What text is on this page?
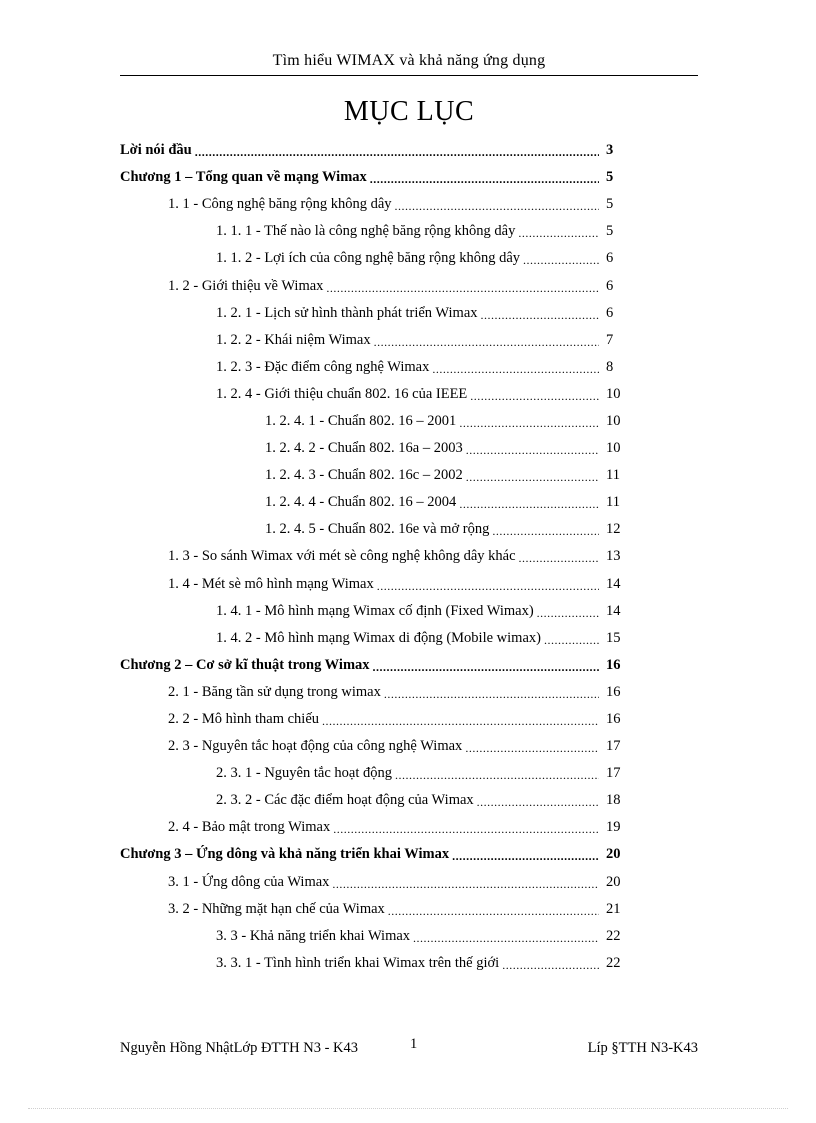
Tìm hiểu WIMAX và khả năng ứng dụng
MỤC LỤC
Lời nói đầu .....	3
Chương 1 – Tổng quan về mạng Wimax .....	5
1. 1 - Công nghệ băng rộng không dây .....	5
1. 1. 1 - Thế nào là công nghệ băng rộng không dây .....	5
1. 1. 2 - Lợi ích của công nghệ băng rộng không dây .....	6
1. 2 - Giới thiệu về Wimax .....	6
1. 2. 1 - Lịch sử hình thành phát triển Wimax .....	6
1. 2. 2 - Khái niệm Wimax .....	7
1. 2. 3 - Đặc điểm công nghệ Wimax .....	8
1. 2. 4 - Giới thiệu chuẩn 802. 16 của IEEE .....	10
1. 2. 4. 1 - Chuẩn 802. 16 – 2001 .....	10
1. 2. 4. 2 - Chuẩn 802. 16a – 2003 .....	10
1. 2. 4. 3 - Chuẩn 802. 16c – 2002 .....	11
1. 2. 4. 4 - Chuẩn 802. 16 – 2004 .....	11
1. 2. 4. 5 - Chuẩn 802. 16e và mở rộng .....	12
1. 3 - So sánh Wimax với mét sè công nghệ không dây khác .....	13
1. 4 - Mét sè mô hình mạng Wimax .....	14
1. 4. 1 - Mô hình mạng Wimax cố định (Fixed Wimax) .....	14
1. 4. 2 - Mô hình mạng Wimax di động (Mobile wimax) .....	15
Chương 2 – Cơ sở kĩ thuật trong Wimax .....	16
2. 1 - Băng tần sử dụng trong wimax .....	16
2. 2 - Mô hình tham chiếu .....	16
2. 3 - Nguyên tắc hoạt động của công nghệ Wimax .....	17
2. 3. 1 - Nguyên tắc hoạt động .....	17
2. 3. 2 - Các đặc điểm hoạt động của Wimax .....	18
2. 4 - Bảo mật trong Wimax .....	19
Chương 3 – Ứng dông và khả năng triển khai Wimax .....	20
3. 1 - Ứng dông của Wimax .....	20
3. 2 - Những mặt hạn chế của Wimax .....	21
3. 3 - Khả năng triển khai Wimax .....	22
3. 3. 1 - Tình hình triển khai Wimax trên thế giới .....	22
Nguyễn Hồng NhậtLớp ĐTTH N3 - K43	1	Líp §TTH N3-K43
